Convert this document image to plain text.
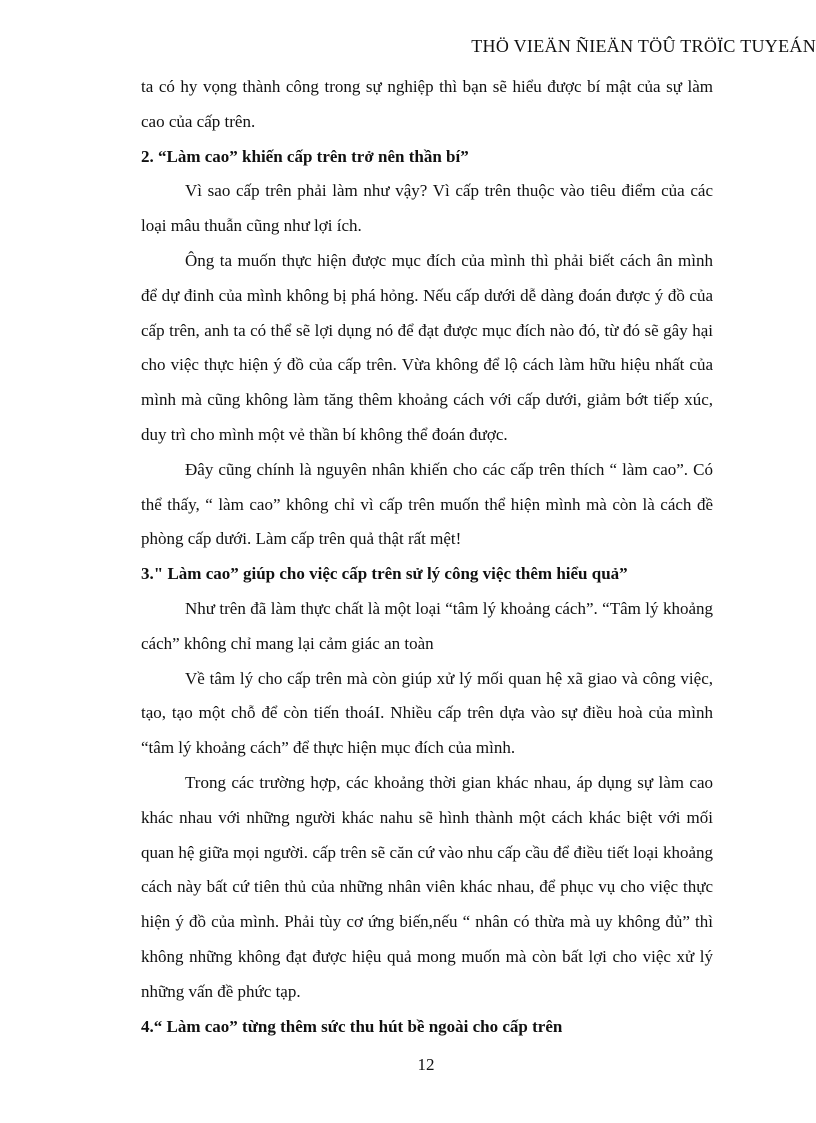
THÖ VIEÄN ÑIEÄN TÖÛ TRÖÏC TUYEÁN

ta có hy vọng thành công trong sự nghiệp thì bạn sẽ hiểu được bí mật của sự làm cao của cấp trên.

2. “Làm cao” khiến cấp trên trở nên thần bí”

Vì sao cấp trên phải làm như vậy? Vì cấp trên thuộc vào tiêu điểm của các loại mâu thuẫn cũng như lợi ích.

Ông ta muốn thực hiện được mục đích của mình thì phải biết cách ân mình để dự đinh của mình không bị phá hỏng. Nếu cấp dưới dễ dàng đoán được ý đồ của cấp trên, anh ta có thể sẽ lợi dụng nó để đạt được mục đích nào đó, từ đó sẽ gây hại cho việc thực hiện ý đồ của cấp trên. Vừa không để lộ cách làm hữu hiệu nhất của mình mà cũng không làm tăng thêm khoảng cách với cấp dưới, giảm bớt tiếp xúc, duy trì cho mình một vẻ thần bí không thể đoán được.

Đây cũng chính là nguyên nhân khiến cho các cấp trên thích “ làm cao”. Có thể thấy, “ làm cao” không chỉ vì cấp trên muốn thể hiện mình mà còn là cách đề phòng cấp dưới. Làm cấp trên quả thật rất mệt!

3." Làm cao” giúp cho việc cấp trên sử lý công việc thêm hiểu quả”

Như trên đã làm thực chất là một loại “tâm lý khoảng cách”. “Tâm lý khoảng cách” không chỉ mang lại cảm giác an toàn

Về tâm lý cho cấp trên mà còn giúp xử lý mối quan hệ xã giao và công việc, tạo, tạo một chỗ để còn tiến thoáI. Nhiều cấp trên dựa vào sự điều hoà của mình “tâm lý khoảng cách” để thực hiện mục đích của mình.

Trong các trường hợp, các khoảng thời gian khác nhau, áp dụng sự làm cao khác nhau với những người khác nahu sẽ hình thành một cách khác biệt với mối quan hệ giữa mọi người. cấp trên sẽ căn cứ vào nhu cấp cầu để điều tiết loại khoảng cách này bất cứ tiên thủ của những nhân viên khác nhau, để phục vụ cho việc thực hiện ý đồ của mình. Phải tùy cơ ứng biến,nếu “ nhân có thừa mà uy không đủ” thì không những không đạt được hiệu quả mong muốn mà còn bất lợi cho việc xử lý những vấn đề phức tạp.

4.“ Làm cao” từng thêm sức thu hút bề ngoài cho cấp trên
12
